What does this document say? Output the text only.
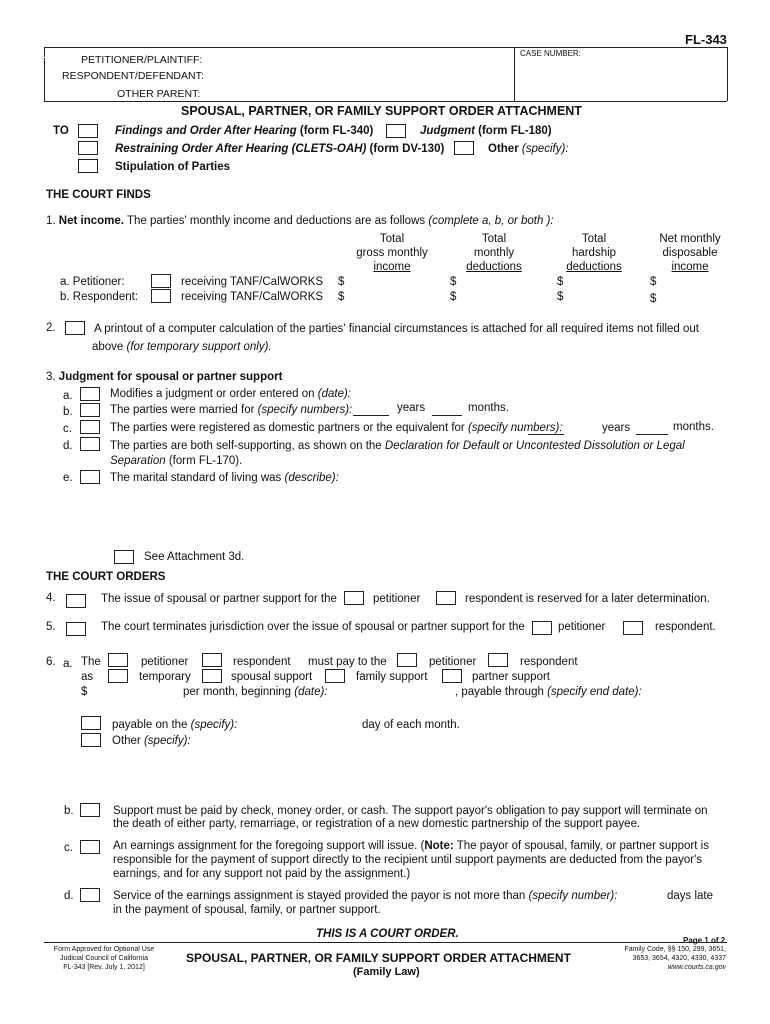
FL-343
CASE NUMBER:
PETITIONER/PLAINTIFF:
RESPONDENT/DEFENDANT:
OTHER PARENT:
SPOUSAL, PARTNER, OR FAMILY SUPPORT ORDER ATTACHMENT
TO	Findings and Order After Hearing (form FL-340)	Judgment (form FL-180)
Restraining Order After Hearing (CLETS-OAH) (form DV-130)	Other (specify):
Stipulation of Parties
THE COURT FINDS
1. Net income. The parties' monthly income and deductions are as follows (complete a, b, or both ):
Total
gross monthly
income
Total
monthly
deductions
Total
hardship
deductions
Net monthly
disposable
income
a. Petitioner:	receiving TANF/CalWORKS $	$	$	$
b. Respondent:	receiving TANF/CalWORKS $	$	$	$
2.	A printout of a computer calculation of the parties' financial circumstances is attached for all required items not filled out
above (for temporary support only).
3. Judgment for spousal or partner support
a.	Modifies a judgment or order entered on (date):
b.	The parties were married for (specify numbers):	years	months.
c.	The parties were registered as domestic partners or the equivalent for (specify numbers):	years	months.
d.	The parties are both self-supporting, as shown on the Declaration for Default or Uncontested Dissolution or Legal
Separation (form FL-170).
e.	The marital standard of living was (describe):
See Attachment 3d.
THE COURT ORDERS
4.	The issue of spousal or partner support for the	petitioner	respondent is reserved for a later determination.
5.	The court terminates jurisdiction over the issue of spousal or partner support for the	petitioner	respondent.
6. a. The	petitioner	respondent must pay to the	petitioner	respondent
as	temporary	spousal support	family support	partner support
$	per month, beginning (date):	, payable through (specify end date):
payable on the (specify):	day of each month.
Other (specify):
b.	Support must be paid by check, money order, or cash. The support payor's obligation to pay support will terminate on
the death of either party, remarriage, or registration of a new domestic partnership of the support payee.
c.	An earnings assignment for the foregoing support will issue. (Note: The payor of spousal, family, or partner support is
responsible for the payment of support directly to the recipient until support payments are deducted from the payor's
earnings, and for any support not paid by the assignment.)
d.	Service of the earnings assignment is stayed provided the payor is not more than (specify number):	days late
in the payment of spousal, family, or partner support.
THIS IS A COURT ORDER.
Page 1 of 2
Form Approved for Optional Use
Judicial Council of California
FL-343 [Rev. July 1, 2012]
SPOUSAL, PARTNER, OR FAMILY SUPPORT ORDER ATTACHMENT
(Family Law)
Family Code, §§ 150, 299, 3651,
3653, 3654, 4320, 4330, 4337
www.courts.ca.gov
